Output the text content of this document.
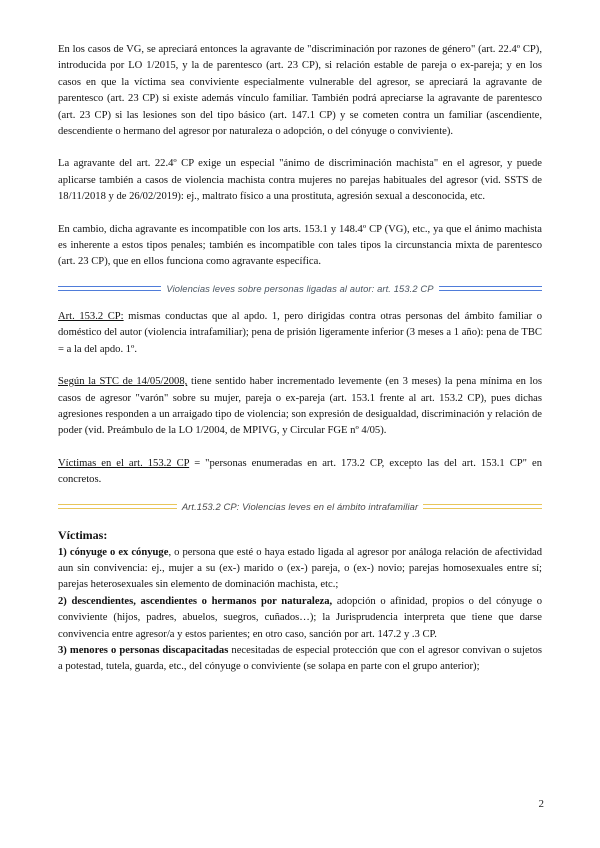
En los casos de VG, se apreciará entonces la agravante de "discriminación por razones de género" (art. 22.4º CP), introducida por LO 1/2015, y la de parentesco (art. 23 CP), si relación estable de pareja o ex-pareja; y en los casos en que la víctima sea conviviente especialmente vulnerable del agresor, se apreciará la agravante de parentesco (art. 23 CP) si existe además vínculo familiar. También podrá apreciarse la agravante de parentesco (art. 23 CP) si las lesiones son del tipo básico (art. 147.1 CP) y se cometen contra un familiar (ascendiente, descendiente o hermano del agresor por naturaleza o adopción, o del cónyuge o conviviente).

La agravante del art. 22.4º CP exige un especial "ánimo de discriminación machista" en el agresor, y puede aplicarse también a casos de violencia machista contra mujeres no parejas habituales del agresor (vid. SSTS de 18/11/2018 y de 26/02/2019): ej., maltrato físico a una prostituta, agresión sexual a desconocida, etc.

En cambio, dicha agravante es incompatible con los arts. 153.1 y 148.4º CP (VG), etc., ya que el ánimo machista es inherente a estos tipos penales; también es incompatible con tales tipos la circunstancia mixta de parentesco (art. 23 CP), que en ellos funciona como agravante específica.

Violencias leves sobre personas ligadas al autor: art. 153.2 CP

Art. 153.2 CP: mismas conductas que al apdo. 1, pero dirigidas contra otras personas del ámbito familiar o doméstico del autor (violencia intrafamiliar); pena de prisión ligeramente inferior (3 meses a 1 año): pena de TBC = a la del apdo. 1º.

Según la STC de 14/05/2008, tiene sentido haber incrementado levemente (en 3 meses) la pena mínima en los casos de agresor "varón" sobre su mujer, pareja o ex-pareja (art. 153.1 frente al art. 153.2 CP), pues dichas agresiones responden a un arraigado tipo de violencia; son expresión de desigualdad, discriminación y relación de poder (vid. Preámbulo de la LO 1/2004, de MPIVG, y Circular FGE nº 4/05).

Víctimas en el art. 153.2 CP = "personas enumeradas en art. 173.2 CP, excepto las del art. 153.1 CP" en concretos.

Art.153.2 CP: Violencias leves en el ámbito intrafamiliar
Víctimas:

1) cónyuge o ex cónyuge, o persona que esté o haya estado ligada al agresor por análoga relación de afectividad aun sin convivencia: ej., mujer a su (ex-) marido o (ex-) pareja, o (ex-) novio; parejas homosexuales entre sí; parejas heterosexuales sin elemento de dominación machista, etc.;

2) descendientes, ascendientes o hermanos por naturaleza, adopción o afinidad, propios o del cónyuge o conviviente (hijos, padres, abuelos, suegros, cuñados…); la Jurisprudencia interpreta que tiene que darse convivencia entre agresor/a y estos parientes; en otro caso, sanción por art. 147.2 y .3 CP.

3) menores o personas discapacitadas necesitadas de especial protección que con el agresor convivan o sujetos a potestad, tutela, guarda, etc., del cónyuge o conviviente (se solapa en parte con el grupo anterior);

2
